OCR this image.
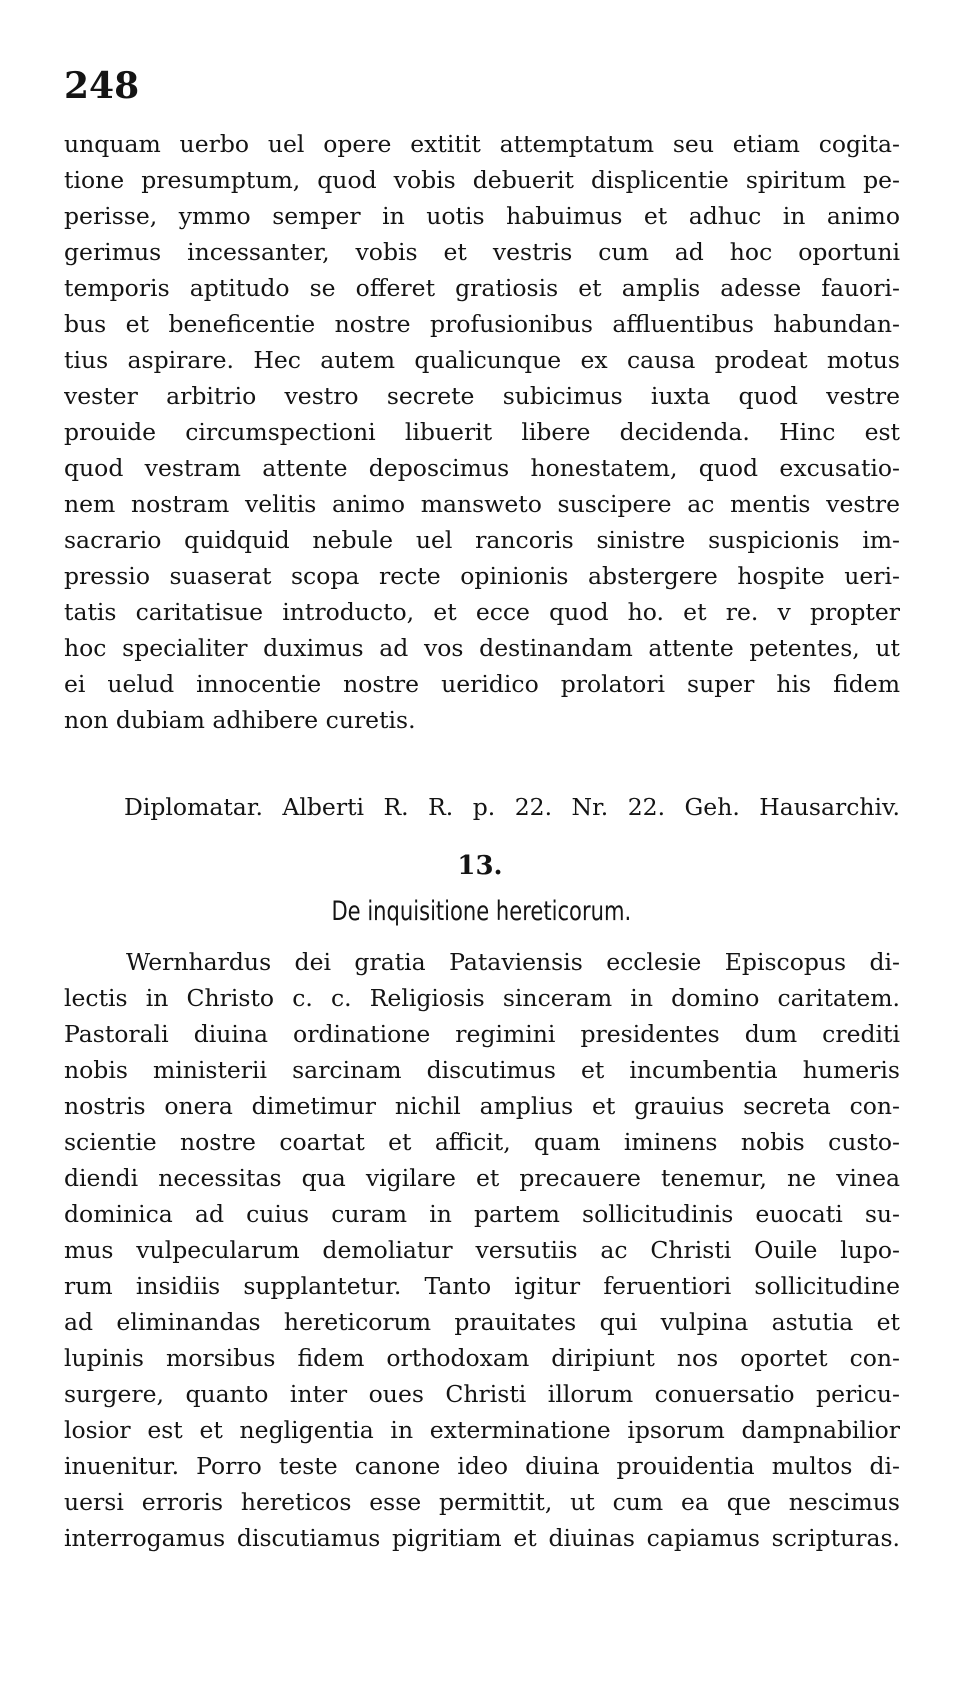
248
unquam uerbo uel opere extitit attemptatum seu etiam cogita-
tione presumptum, quod vobis debuerit displicentie spiritum pe-
perisse, ymmo semper in uotis habuimus et adhuc in animo
gerimus incessanter, vobis et vestris cum ad hoc oportuni
temporis aptitudo se offeret gratiosis et amplis adesse fauori-
bus et beneficentie nostre profusionibus affluentibus habundan-
tius aspirare. Hec autem qualicunque ex causa prodeat motus
vester arbitrio vestro secrete subicimus iuxta quod vestre
prouide circumspectioni libuerit libere decidenda. Hinc est
quod vestram attente deposcimus honestatem, quod excusatio-
nem nostram velitis animo mansweto suscipere ac mentis vestre
sacrario quidquid nebule uel rancoris sinistre suspicionis im-
pressio suaserat scopa recte opinionis abstergere hospite ueri-
tatis caritatisue introducto, et ecce quod ho. et re. v propter
hoc specialiter duximus ad vos destinandam attente petentes, ut
ei uelud innocentie nostre ueridico prolatori super his fidem
non dubiam adhibere curetis.
Diplomatar. Alberti R. R. p. 22. Nr. 22. Geh. Hausarchiv.
13.
De inquisitione hereticorum.
Wernhardus dei gratia Pataviensis ecclesie Episcopus di-
lectis in Christo c. c. Religiosis sinceram in domino caritatem.
Pastorali diuina ordinatione regimini presidentes dum crediti
nobis ministerii sarcinam discutimus et incumbentia humeris
nostris onera dimetimur nichil amplius et grauius secreta con-
scientie nostre coartat et afficit, quam iminens nobis custo-
diendi necessitas qua vigilare et precauere tenemur, ne vinea
dominica ad cuius curam in partem sollicitudinis euocati su-
mus vulpecularum demoliatur versutiis ac Christi Ouile lupo-
rum insidiis supplantetur. Tanto igitur feruentiori sollicitudine
ad eliminandas hereticorum prauitates qui vulpina astutia et
lupinis morsibus fidem orthodoxam diripiunt nos oportet con-
surgere, quanto inter oues Christi illorum conuersatio pericu-
losior est et negligentia in exterminatione ipsorum dampnabilior
inuenitur. Porro teste canone ideo diuina prouidentia multos di-
uersi erroris hereticos esse permittit, ut cum ea que nescimus
interrogamus discutiamus pigritiam et diuinas capiamus scripturas.
